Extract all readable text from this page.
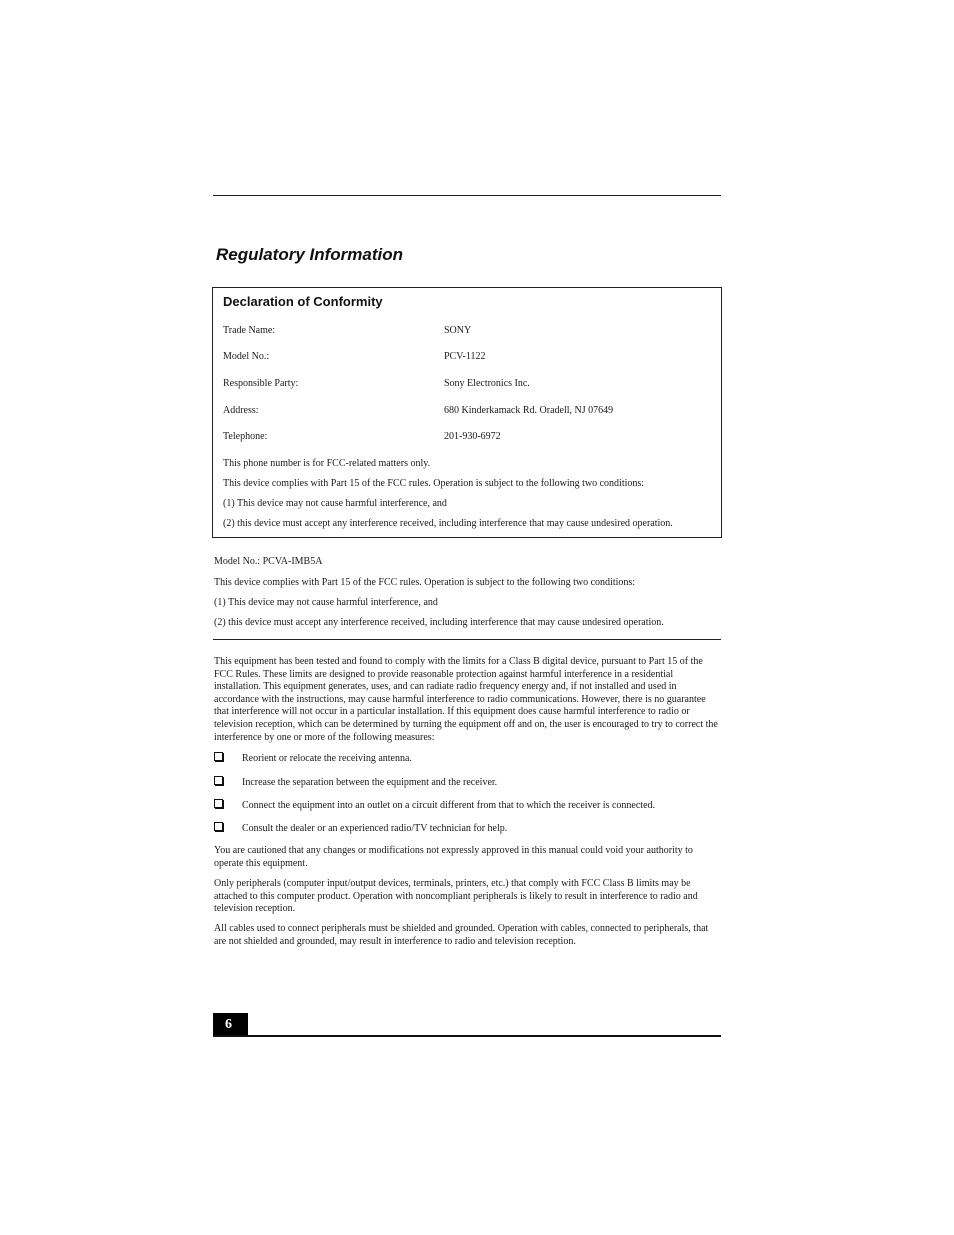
Regulatory Information
Declaration of Conformity
Trade Name:	SONY
Model No.:	PCV-1122
Responsible Party:	Sony Electronics Inc.
Address:	680 Kinderkamack Rd. Oradell, NJ 07649
Telephone:	201-930-6972
This phone number is for FCC-related matters only.
This device complies with Part 15 of the FCC rules. Operation is subject to the following two conditions:
(1) This device may not cause harmful interference, and
(2) this device must accept any interference received, including interference that may cause undesired operation.
Model No.: PCVA-IMB5A
This device complies with Part 15 of the FCC rules. Operation is subject to the following two conditions:
(1) This device may not cause harmful interference, and
(2) this device must accept any interference received, including interference that may cause undesired operation.

This equipment has been tested and found to comply with the limits for a Class B digital device, pursuant to Part 15 of the FCC Rules. These limits are designed to provide reasonable protection against harmful interference in a residential installation. This equipment generates, uses, and can radiate radio frequency energy and, if not installed and used in accordance with the instructions, may cause harmful interference to radio communications. However, there is no guarantee that interference will not occur in a particular installation. If this equipment does cause harmful interference to radio or television reception, which can be determined by turning the equipment off and on, the user is encouraged to try to correct the interference by one or more of the following measures:

Reorient or relocate the receiving antenna.
Increase the separation between the equipment and the receiver.
Connect the equipment into an outlet on a circuit different from that to which the receiver is connected.
Consult the dealer or an experienced radio/TV technician for help.

You are cautioned that any changes or modifications not expressly approved in this manual could void your authority to operate this equipment.

Only peripherals (computer input/output devices, terminals, printers, etc.) that comply with FCC Class B limits may be attached to this computer product. Operation with noncompliant peripherals is likely to result in interference to radio and television reception.

All cables used to connect peripherals must be shielded and grounded. Operation with cables, connected to peripherals, that are not shielded and grounded, may result in interference to radio and television reception.

6
